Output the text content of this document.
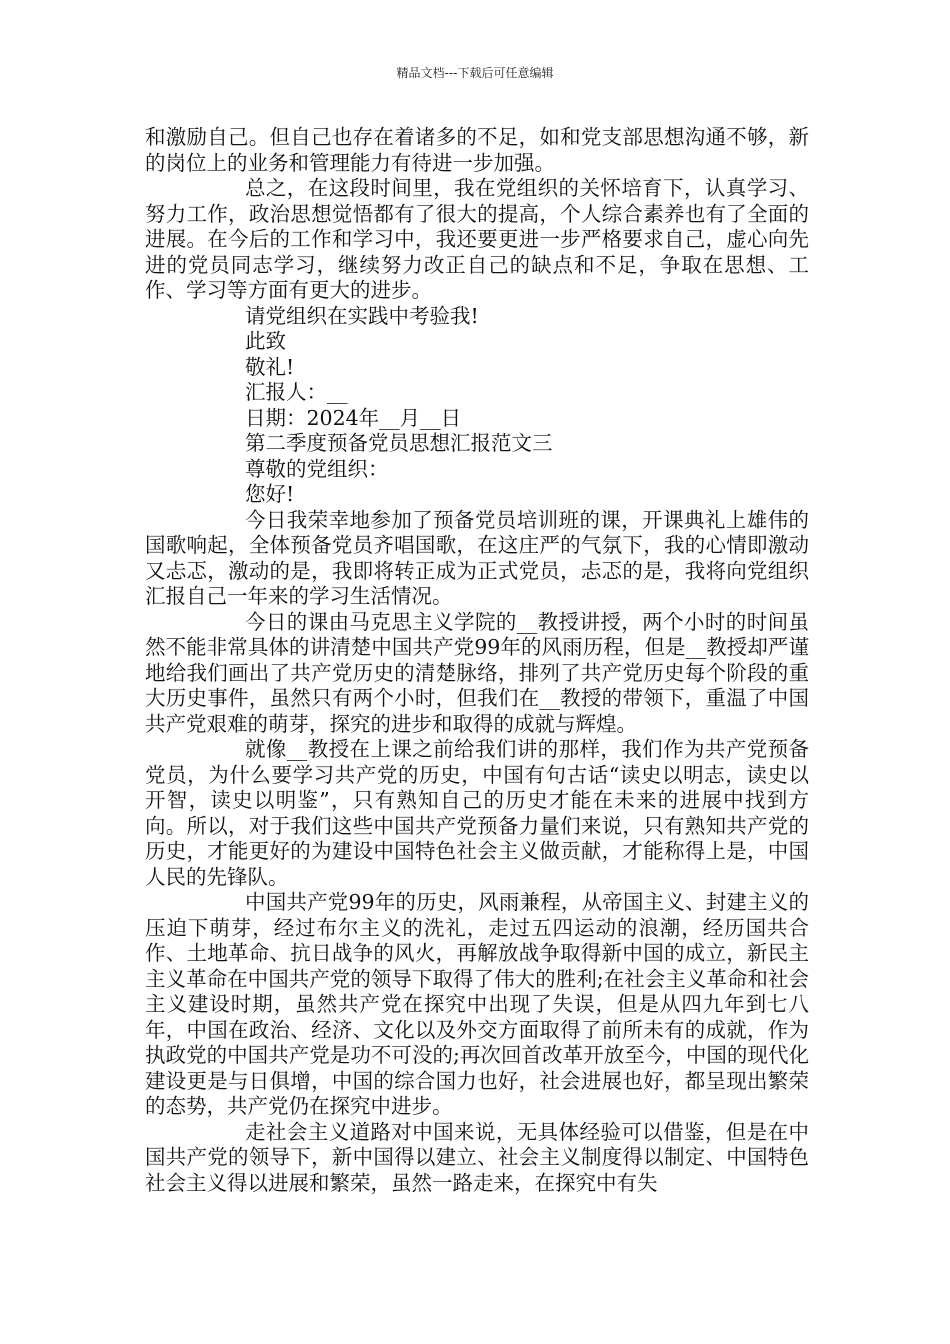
精品文档---下载后可任意编辑

和激励自己。但自己也存在着诸多的不足，如和党支部思想沟通不够，新的岗位上的业务和管理能力有待进一步加强。

总之，在这段时间里，我在党组织的关怀培育下，认真学习、努力工作，政治思想觉悟都有了很大的提高，个人综合素养也有了全面的进展。在今后的工作和学习中，我还要更进一步严格要求自己，虚心向先进的党员同志学习，继续努力改正自己的缺点和不足，争取在思想、工作、学习等方面有更大的进步。

请党组织在实践中考验我!

此致

敬礼!

汇报人：__

日期：2024年__月__日

第二季度预备党员思想汇报范文三

尊敬的党组织：

您好!

今日我荣幸地参加了预备党员培训班的课，开课典礼上雄伟的国歌响起，全体预备党员齐唱国歌，在这庄严的气氛下，我的心情即激动又忐忑，激动的是，我即将转正成为正式党员，忐忑的是，我将向党组织汇报自己一年来的学习生活情况。

今日的课由马克思主义学院的__教授讲授，两个小时的时间虽然不能非常具体的讲清楚中国共产党99年的风雨历程，但是__教授却严谨地给我们画出了共产党历史的清楚脉络，排列了共产党历史每个阶段的重大历史事件，虽然只有两个小时，但我们在__教授的带领下，重温了中国共产党艰难的萌芽，探究的进步和取得的成就与辉煌。

就像__教授在上课之前给我们讲的那样，我们作为共产党预备党员，为什么要学习共产党的历史，中国有句古话“读史以明志，读史以开智，读史以明鉴”，只有熟知自己的历史才能在未来的进展中找到方向。所以，对于我们这些中国共产党预备力量们来说，只有熟知共产党的历史，才能更好的为建设中国特色社会主义做贡献，才能称得上是，中国人民的先锋队。

中国共产党99年的历史，风雨兼程，从帝国主义、封建主义的压迫下萌芽，经过布尔主义的洗礼，走过五四运动的浪潮，经历国共合作、土地革命、抗日战争的风火，再解放战争取得新中国的成立，新民主主义革命在中国共产党的领导下取得了伟大的胜利;在社会主义革命和社会主义建设时期，虽然共产党在探究中出现了失误，但是从四九年到七八年，中国在政治、经济、文化以及外交方面取得了前所未有的成就，作为执政党的中国共产党是功不可没的;再次回首改革开放至今，中国的现代化建设更是与日俱增，中国的综合国力也好，社会进展也好，都呈现出繁荣的态势，共产党仍在探究中进步。

走社会主义道路对中国来说，无具体经验可以借鉴，但是在中国共产党的领导下，新中国得以建立、社会主义制度得以制定、中国特色社会主义得以进展和繁荣，虽然一路走来，在探究中有失
